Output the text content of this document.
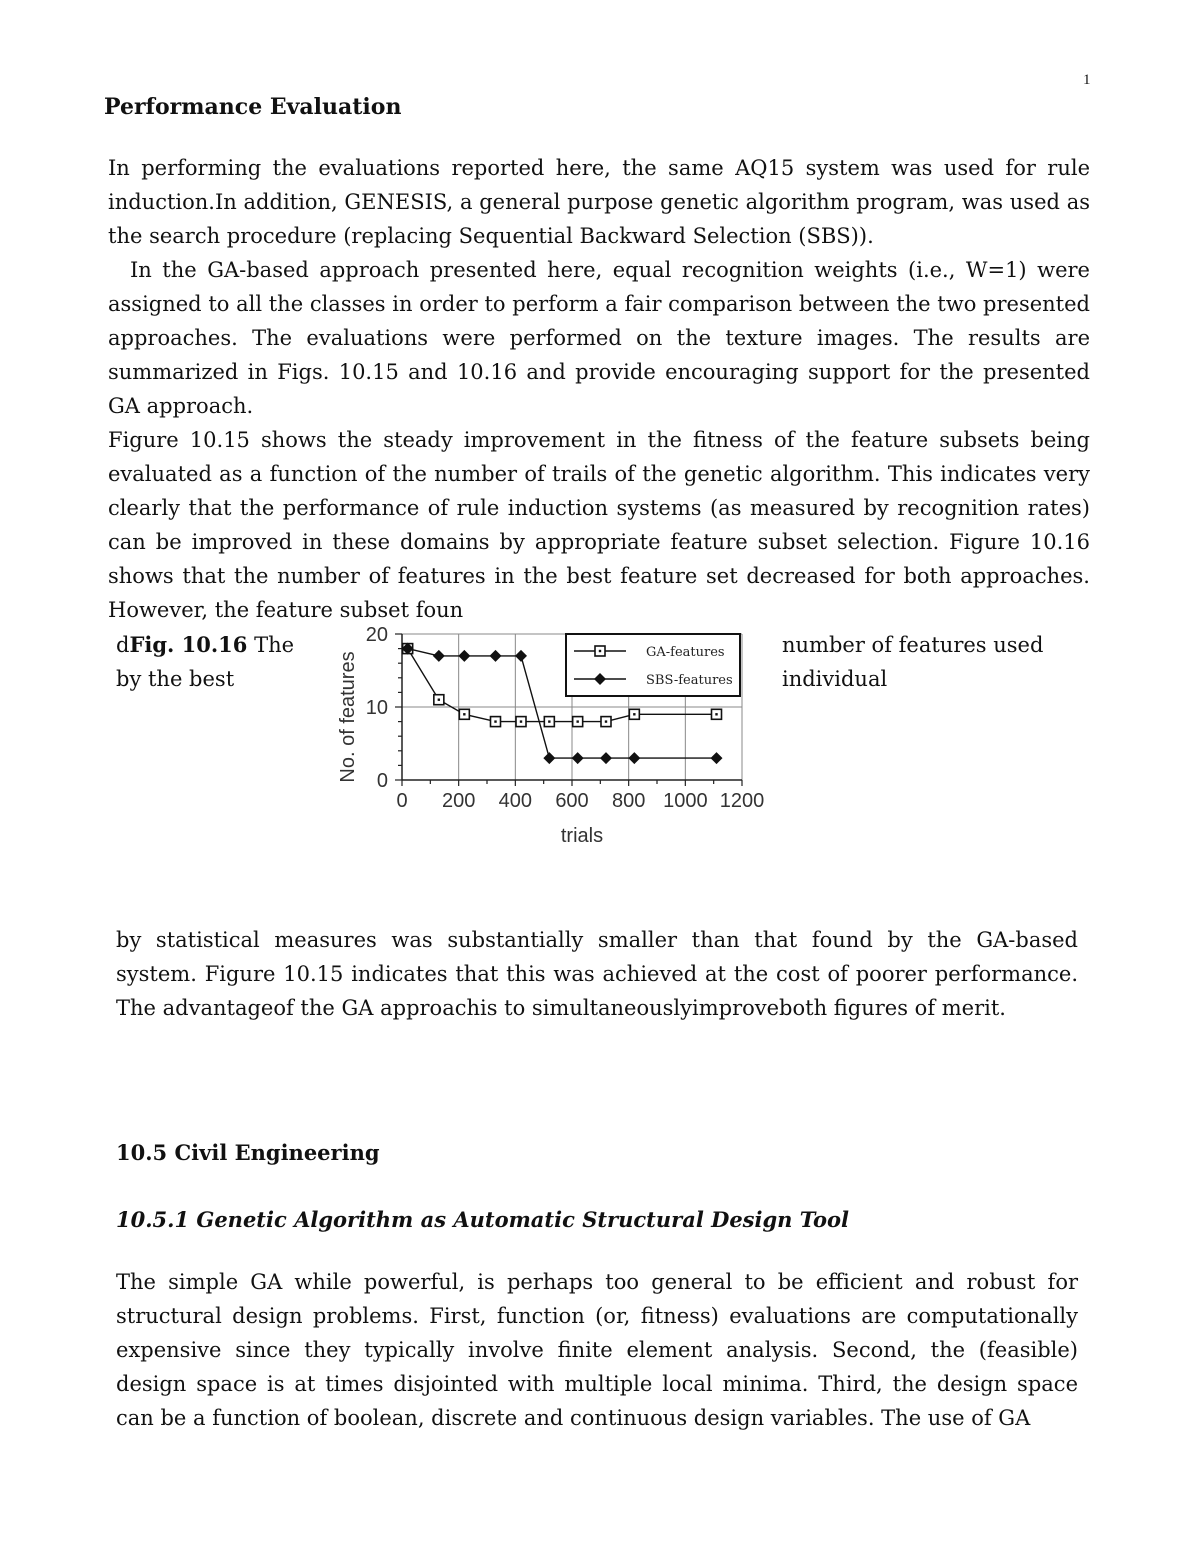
1
Performance Evaluation

In performing the evaluations reported here, the same AQ15 system was used for rule induction.In addition, GENESIS, a general purpose genetic algorithm program, was used as the search procedure (replacing Sequential Backward Selection (SBS)).

In the GA-based approach presented here, equal recognition weights (i.e., W=1) were assigned to all the classes in order to perform a fair comparison between the two presented approaches. The evaluations were performed on the texture images. The results are summarized in Figs. 10.15 and 10.16 and provide encouraging support for the presented GA approach.

Figure 10.15 shows the steady improvement in the fitness of the feature subsets being evaluated as a function of the number of trails of the genetic algorithm. This indicates very clearly that the performance of rule induction systems (as measured by recognition rates) can be improved in these domains by appropriate feature subset selection. Figure 10.16 shows that the number of features in the best feature set decreased for both approaches. However, the feature subset foun

dFig. 10.16 The
by the best
number of features used
individual
0 200 400 600 800 1000 1200
0
10
20
GA-features
SBS-features
trials
No. of features

by statistical measures was substantially smaller than that found by the GA-based system. Figure 10.15 indicates that this was achieved at the cost of poorer performance. The advantageof the GA approachis to simultaneouslyimproveboth figures of merit.

10.5 Civil Engineering
10.5.1 Genetic Algorithm as Automatic Structural Design Tool

The simple GA while powerful, is perhaps too general to be efficient and robust for structural design problems. First, function (or, fitness) evaluations are computationally expensive since they typically involve finite element analysis. Second, the (feasible) design space is at times disjointed with multiple local minima. Third, the design space can be a function of boolean, discrete and continuous design variables. The use of GA
